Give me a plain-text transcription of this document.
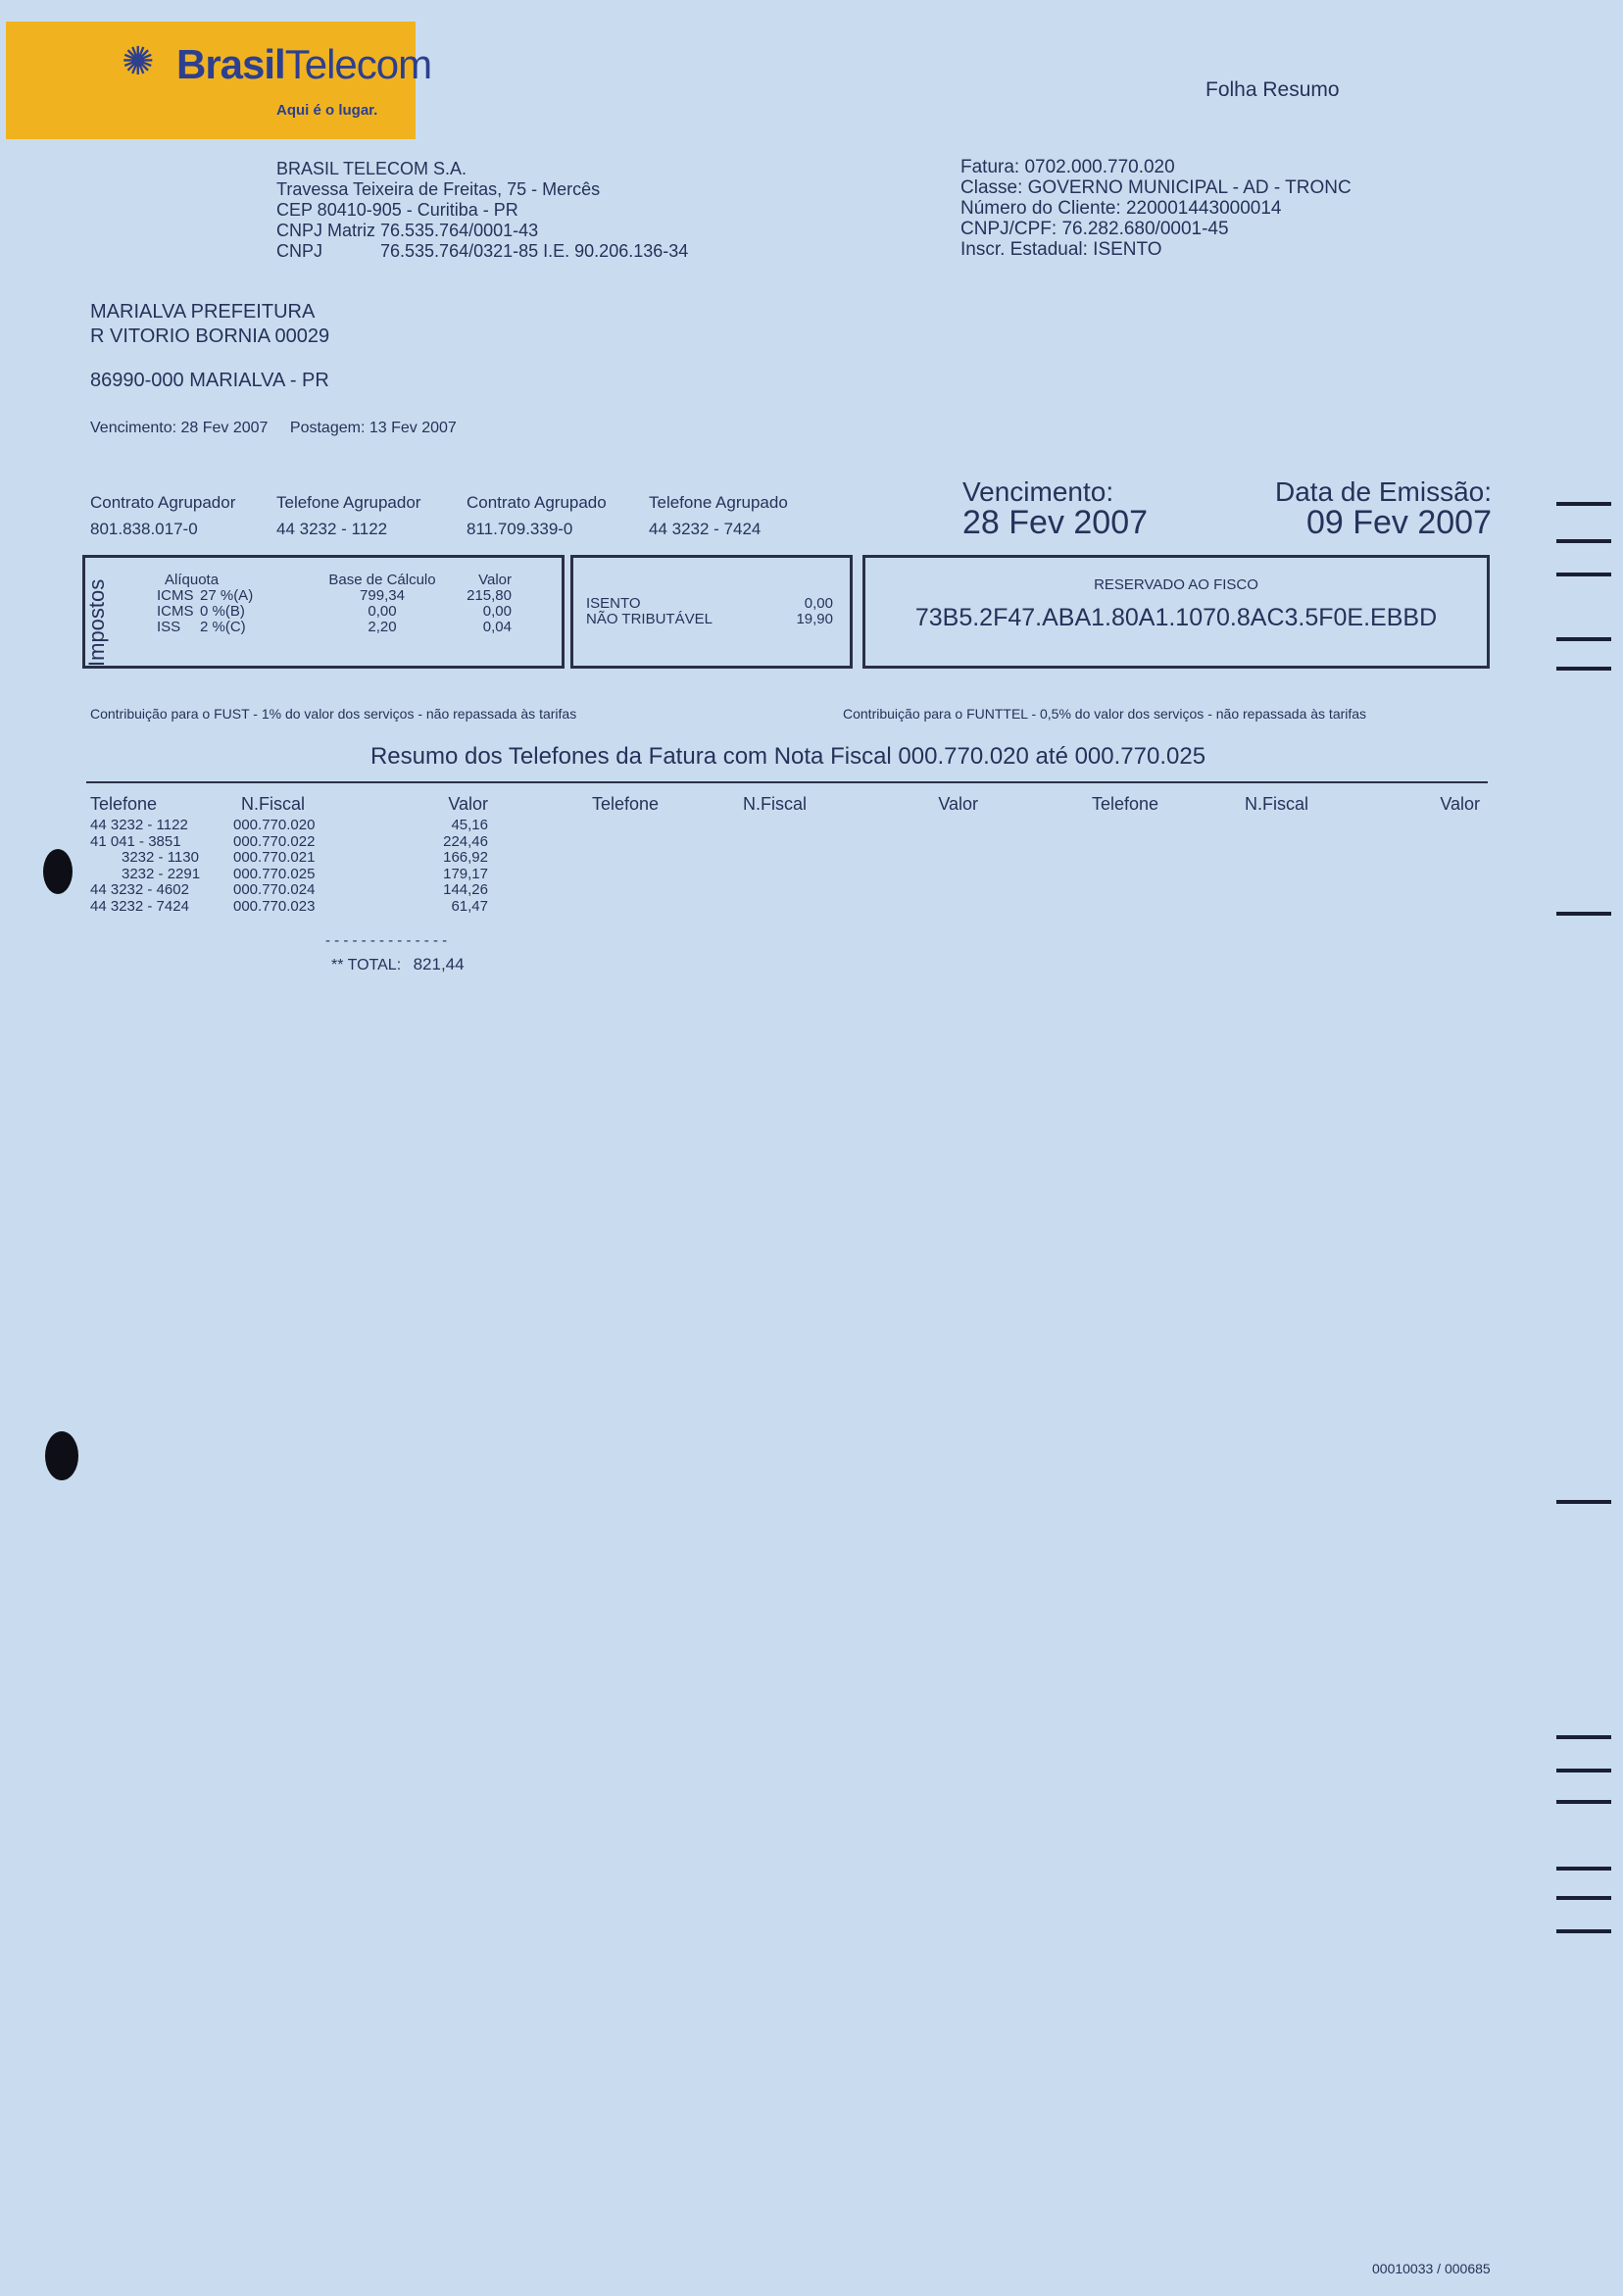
✺ BrasilTelecom
Aqui é o lugar.
Folha Resumo
BRASIL TELECOM S.A.
Travessa Teixeira de Freitas, 75 - Mercês
CEP 80410-905 - Curitiba - PR
CNPJ Matriz 76.535.764/0001-43
CNPJ	76.535.764/0321-85 I.E. 90.206.136-34
Fatura: 0702.000.770.020
Classe: GOVERNO MUNICIPAL - AD - TRONC
Número do Cliente: 220001443000014
CNPJ/CPF: 76.282.680/0001-45
Inscr. Estadual: ISENTO
MARIALVA PREFEITURA
R VITORIO BORNIA 00029
86990-000 MARIALVA - PR
Vencimento: 28 Fev 2007 Postagem: 13 Fev 2007
Contrato Agrupador
801.838.017-0
Telefone Agrupador
44 3232 - 1122
Contrato Agrupado
811.709.339-0
Telefone Agrupado
44 3232 - 7424
Vencimento:
28 Fev 2007
Data de Emissão:
09 Fev 2007
Impostos	Alíquota	Base de Cálculo	Valor
ICMS 27 %(A)	799,34	215,80
ICMS 0 %(B)	0,00	0,00
ISS 2 %(C)	2,20	0,04
ISENTO	0,00
NÃO TRIBUTÁVEL	19,90
RESERVADO AO FISCO
73B5.2F47.ABA1.80A1.1070.8AC3.5F0E.EBBD
Contribuição para o FUST - 1% do valor dos serviços - não repassada às tarifas	Contribuição para o FUNTTEL - 0,5% do valor dos serviços - não repassada às tarifas
Resumo dos Telefones da Fatura com Nota Fiscal 000.770.020 até 000.770.025
Telefone	N.Fiscal	Valor	Telefone	N.Fiscal	Valor	Telefone	N.Fiscal	Valor
44 3232 - 1122	000.770.020	45,16
41 041 - 3851	000.770.022	224,46
3232 - 1130 000.770.021	166,92
3232 - 2291 000.770.025	179,17
44 3232 - 4602	000.770.024	144,26
44 3232 - 7424	000.770.023	61,47
- - - - - - - - - - - - - -
** TOTAL: 821,44
00010033 / 000685
